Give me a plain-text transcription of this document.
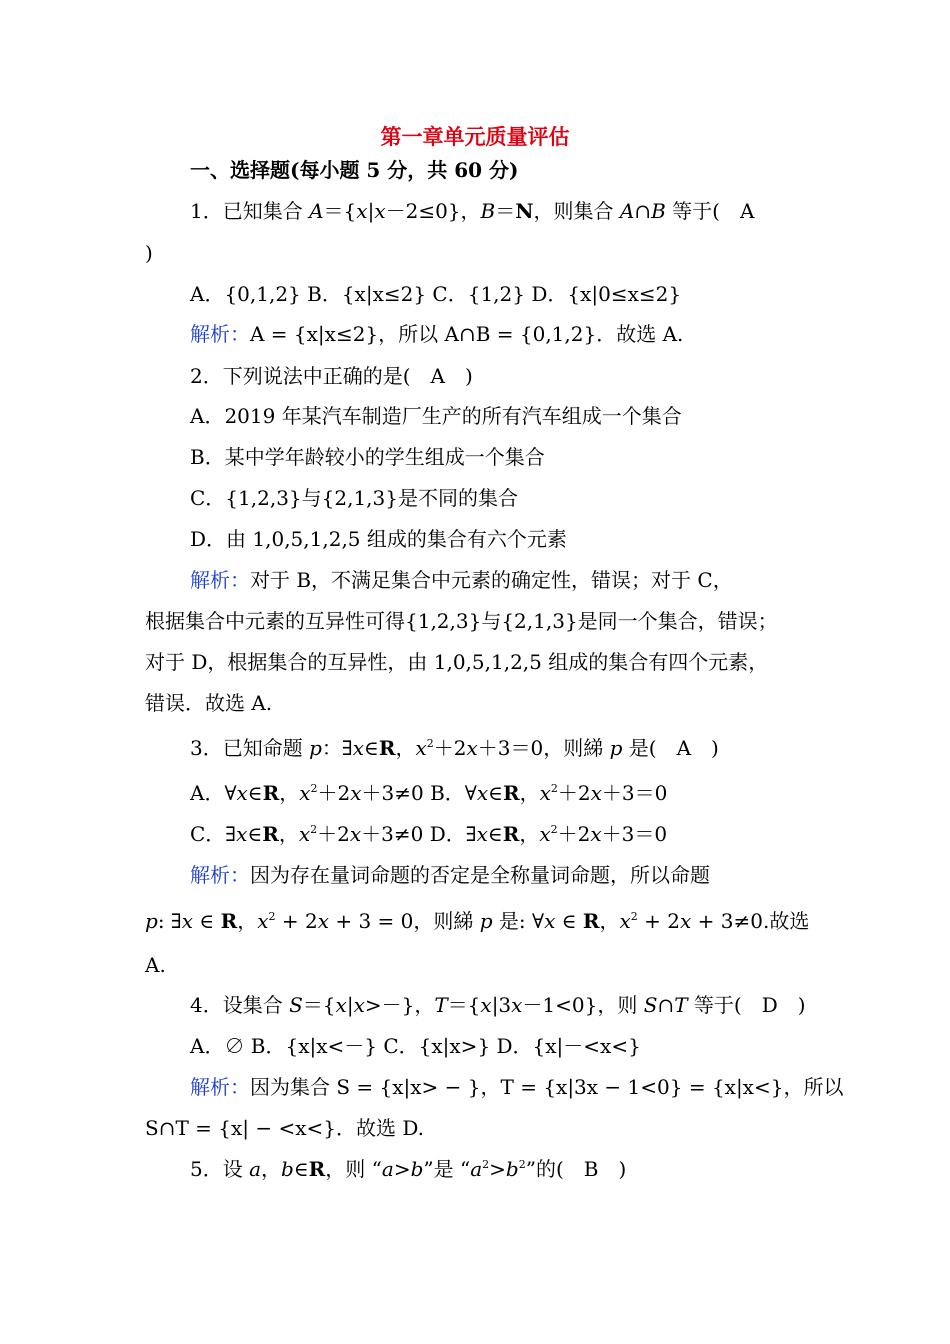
第一章单元质量评估
一、选择题(每小题 5 分，共 60 分)
1．已知集合 A＝{x|x－2≤0}，B＝N，则集合 A∩B 等于(　A
)
A．{0,1,2} B．{x|x≤2} C．{1,2} D．{x|0≤x≤2}
解析：A = {x|x≤2}，所以 A∩B = {0,1,2}．故选 A.
2．下列说法中正确的是(　A　)
A．2019 年某汽车制造厂生产的所有汽车组成一个集合
B．某中学年龄较小的学生组成一个集合
C．{1,2,3}与{2,1,3}是不同的集合
D．由 1,0,5,1,2,5 组成的集合有六个元素
解析：对于 B，不满足集合中元素的确定性，错误；对于 C，
根据集合中元素的互异性可得{1,2,3}与{2,1,3}是同一个集合，错误；
对于 D，根据集合的互异性，由 1,0,5,1,2,5 组成的集合有四个元素，
错误．故选 A.
3．已知命题 p：∃x∈R，$x^2+2x+3=0$，则綈 p 是(　A　)
A．∀x∈R，$x^2+2x+3\ne 0$ B．∀x∈R，$x^2+2x+3=0$
C．∃x∈R，$x^2+2x+3\ne 0$ D．∃x∈R，$x^2+2x+3=0$
解析：因为存在量词命题的否定是全称量词命题，所以命题
p: ∃x ∈ R，$x^2 + 2x + 3 = 0$，则綈 p 是: ∀x ∈ R，$x^2 + 2x + 3\ne 0$.故选
A.
4．设集合 S＝{x|x>－}，T＝{x|3x－1<0}，则 S∩T 等于(　D　)
A．∅ B．{x|x<－} C．{x|x>} D．{x|－<x<}
解析：因为集合 S = {x|x> − }，T = {x|3x − 1<0} = {x|x<}，所以
S∩T = {x| − <x<}．故选 D.
5．设 a，b∈R，则 “a>b”是 “$a^2>b^2$”的(　B　)
